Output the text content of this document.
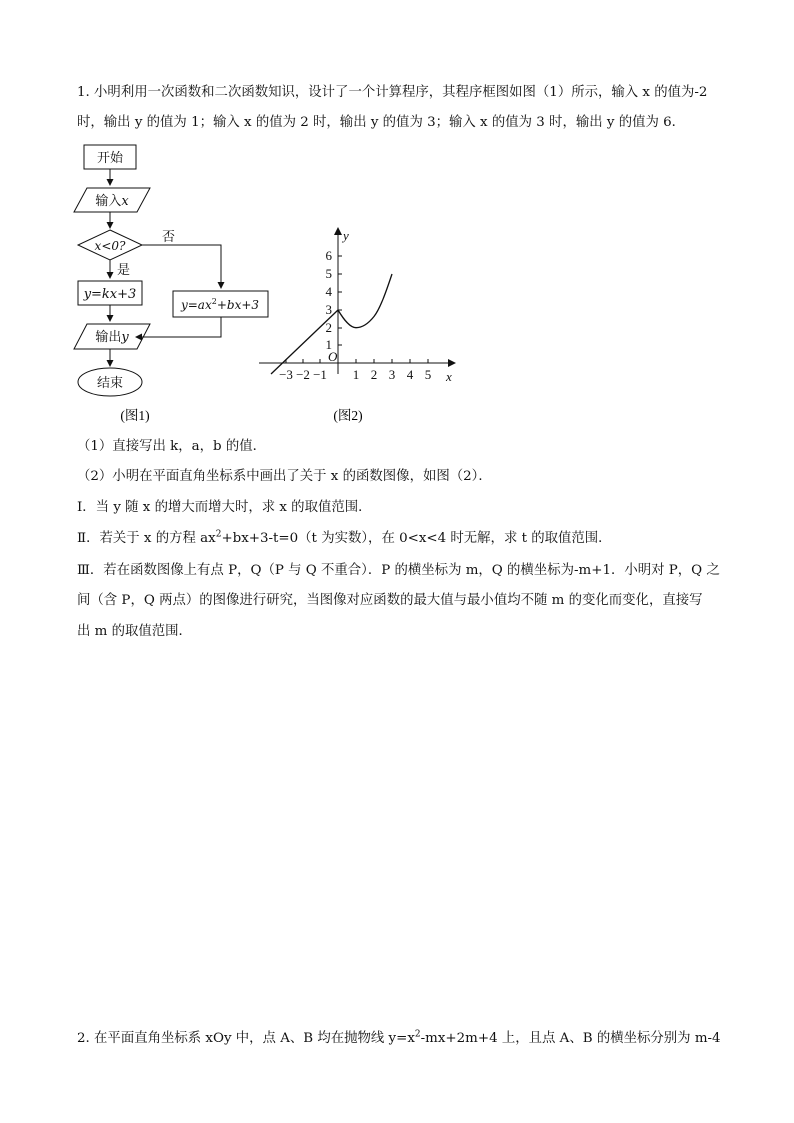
1. 小明利用一次函数和二次函数知识，设计了一个计算程序，其程序框图如图（1）所示，输入 x 的值为-2

时，输出 y 的值为 1；输入 x 的值为 2 时，输出 y 的值为 3；输入 x 的值为 3 时，输出 y 的值为 6．

开始
输入x
x<0?
否
是
y=kx+3
$y=ax^2+bx+3$
输出y
结束
(图1)
y
x
O
−3 −2 −1 1 2 3 4 5
1
2
3
4
5
6
(图2)

（1）直接写出 k，a，b 的值．

（2）小明在平面直角坐标系中画出了关于 x 的函数图像，如图（2）．

Ⅰ．当 y 随 x 的增大而增大时，求 x 的取值范围．

Ⅱ．若关于 x 的方程 $ax^2+bx+3-t=0(t$ 为实数），在 0<x<4 时无解，求 t 的取值范围．

Ⅲ．若在函数图像上有点 P，Q（P 与 Q 不重合）．P 的横坐标为 m，Q 的横坐标为-m+1．小明对 P，Q 之

间（含 P，Q 两点）的图像进行研究，当图像对应函数的最大值与最小值均不随 m 的变化而变化，直接写

出 m 的取值范围．

2. 在平面直角坐标系 xOy 中，点 A、B 均在抛物线 $y=x^2-mx+2m+4$ 上，且点 A、B 的横坐标分别为 m-4
